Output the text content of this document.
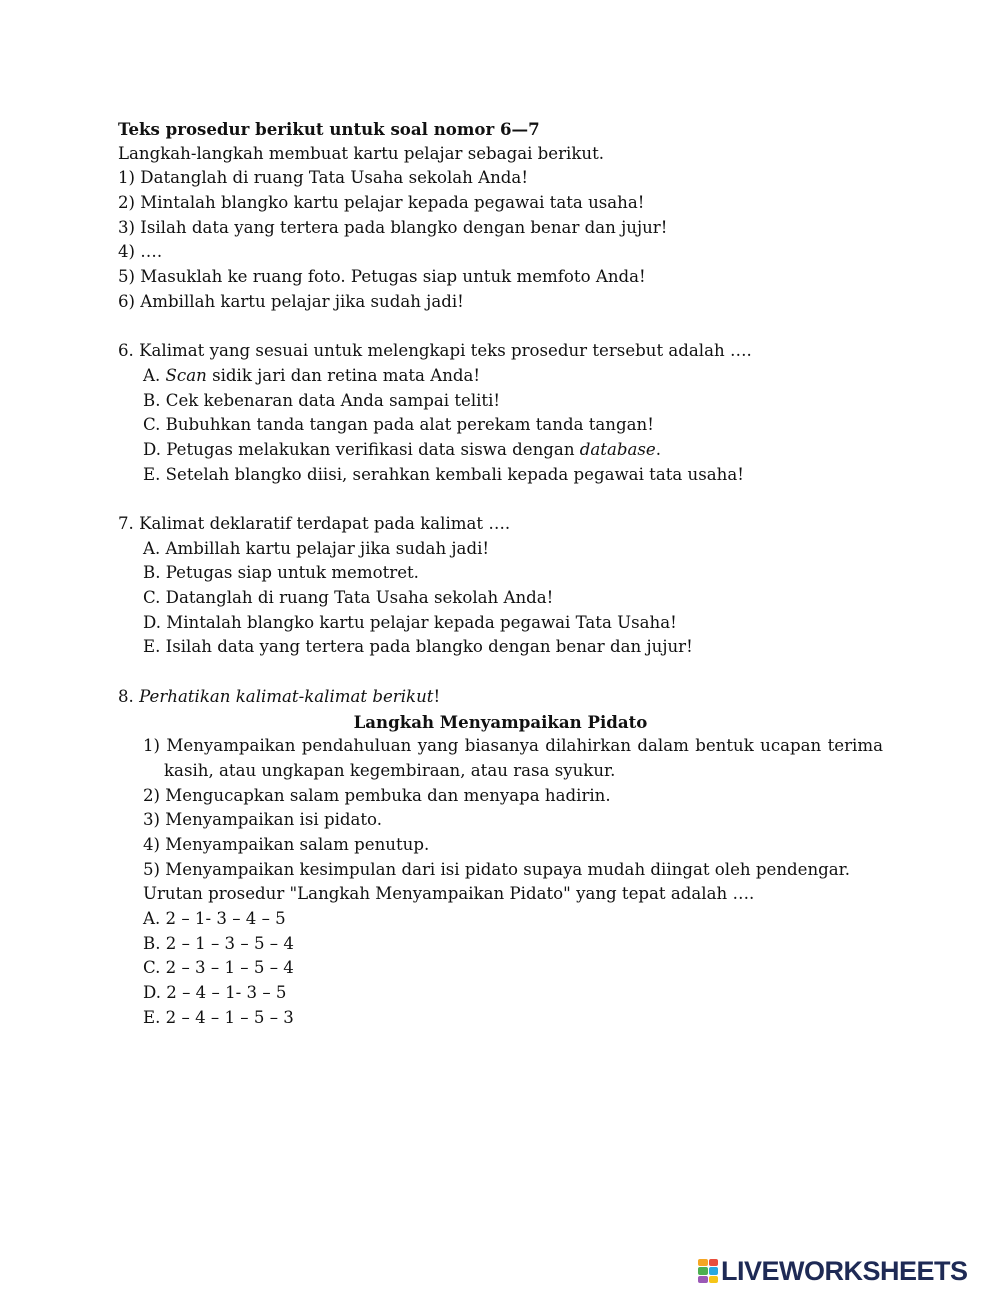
Teks prosedur berikut untuk soal nomor 6—7
Langkah-langkah membuat kartu pelajar sebagai berikut.
1) Datanglah di ruang Tata Usaha sekolah Anda!
2) Mintalah blangko kartu pelajar kepada pegawai tata usaha!
3) Isilah data yang tertera pada blangko dengan benar dan jujur!
4) ….
5) Masuklah ke ruang foto. Petugas siap untuk memfoto Anda!
6) Ambillah kartu pelajar jika sudah jadi!
6. Kalimat yang sesuai untuk melengkapi teks prosedur tersebut adalah ….
A. Scan sidik jari dan retina mata Anda!
B. Cek kebenaran data Anda sampai teliti!
C. Bubuhkan tanda tangan pada alat perekam tanda tangan!
D. Petugas melakukan verifikasi data siswa dengan database.
E. Setelah blangko diisi, serahkan kembali kepada pegawai tata usaha!
7. Kalimat deklaratif terdapat pada kalimat ….
A. Ambillah kartu pelajar jika sudah jadi!
B. Petugas siap untuk memotret.
C. Datanglah di ruang Tata Usaha sekolah Anda!
D. Mintalah blangko kartu pelajar kepada pegawai Tata Usaha!
E. Isilah data yang tertera pada blangko dengan benar dan jujur!
8. Perhatikan kalimat-kalimat berikut!
Langkah Menyampaikan Pidato
1) Menyampaikan pendahuluan yang biasanya dilahirkan dalam bentuk ucapan terima
kasih, atau ungkapan kegembiraan, atau rasa syukur.
2) Mengucapkan salam pembuka dan menyapa hadirin.
3) Menyampaikan isi pidato.
4) Menyampaikan salam penutup.
5) Menyampaikan kesimpulan dari isi pidato supaya mudah diingat oleh pendengar.
Urutan prosedur "Langkah Menyampaikan Pidato" yang tepat adalah ….
A. 2 – 1- 3 – 4 – 5
B. 2 – 1 – 3 – 5 – 4
C. 2 – 3 – 1 – 5 – 4
D. 2 – 4 – 1- 3 – 5
E. 2 – 4 – 1 – 5 – 3
LIVEWORKSHEETS
